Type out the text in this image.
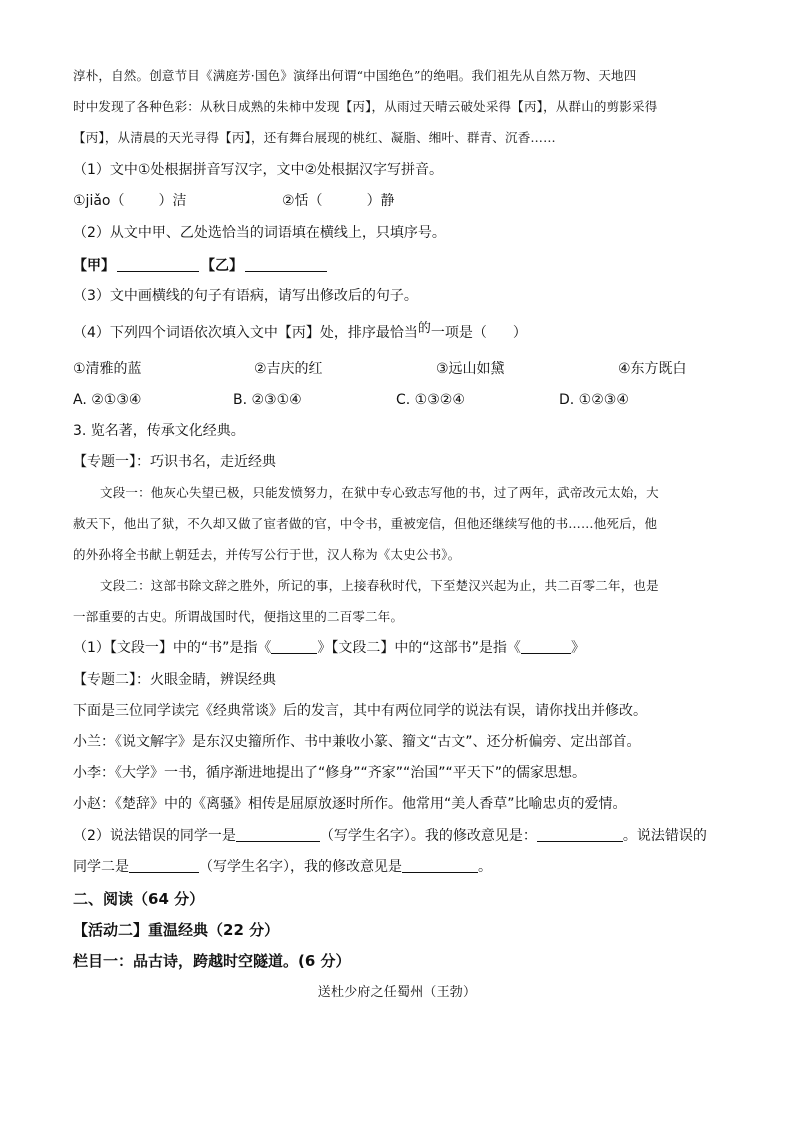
淳朴，自然。创意节目《满庭芳·国色》演绎出何谓“中国绝色”的绝唱。我们祖先从自然万物、天地四
时中发现了各种色彩：从秋日成熟的朱柿中发现【丙】，从雨过天晴云破处采得【丙】，从群山的剪影采得
【丙】，从清晨的天光寻得【丙】，还有舞台展现的桃红、凝脂、缃叶、群青、沉香……
（1）文中①处根据拼音写汉字，文中②处根据汉字写拼音。
①jiǎo（ ）洁	②恬（	）静
（2）从文中甲、乙处选恰当的词语填在横线上，只填序号。
【甲】	【乙】
（3）文中画横线的句子有语病，请写出修改后的句子。
（4）下列四个词语依次填入文中【丙】处，排序最恰当的一项是（ ）
①清雅的蓝	②吉庆的红	③远山如黛	④东方既白
A. ②①③④	B. ②③①④	C. ①③②④	D. ①②③④
3. 览名著，传承文化经典。
【专题一】：巧识书名，走近经典
文段一：他灰心失望已极，只能发愤努力，在狱中专心致志写他的书，过了两年，武帝改元太始，大
赦天下，他出了狱，不久却又做了宦者做的官，中令书，重被宠信，但他还继续写他的书……他死后，他
的外孙将全书献上朝廷去，并传写公行于世，汉人称为《太史公书》。
文段二：这部书除文辞之胜外，所记的事，上接春秋时代，下至楚汉兴起为止，共二百零二年，也是
一部重要的古史。所谓战国时代，便指这里的二百零二年。
（1）【文段一】中的“书”是指《	》【文段二】中的“这部书”是指《	》
【专题二】：火眼金睛，辨误经典
下面是三位同学读完《经典常谈》后的发言，其中有两位同学的说法有误，请你找出并修改。
小兰：《说文解字》是东汉史籀所作、书中兼收小篆、籀文“古文”、还分析偏旁、定出部首。
小李：《大学》一书，循序渐进地提出了“修身”“齐家”“治国”“平天下”的儒家思想。
小赵：《楚辞》中的《离骚》相传是屈原放逐时所作。他常用“美人香草”比喻忠贞的爱情。
（2）说法错误的同学一是	（写学生名字）。我的修改意见是：	。说法错误的
同学二是	（写学生名字），我的修改意见是	。
二、阅读（64 分）
【活动二】重温经典（22 分）
栏目一：品古诗，跨越时空隧道。(6 分）
送杜少府之任蜀州（王勃）
